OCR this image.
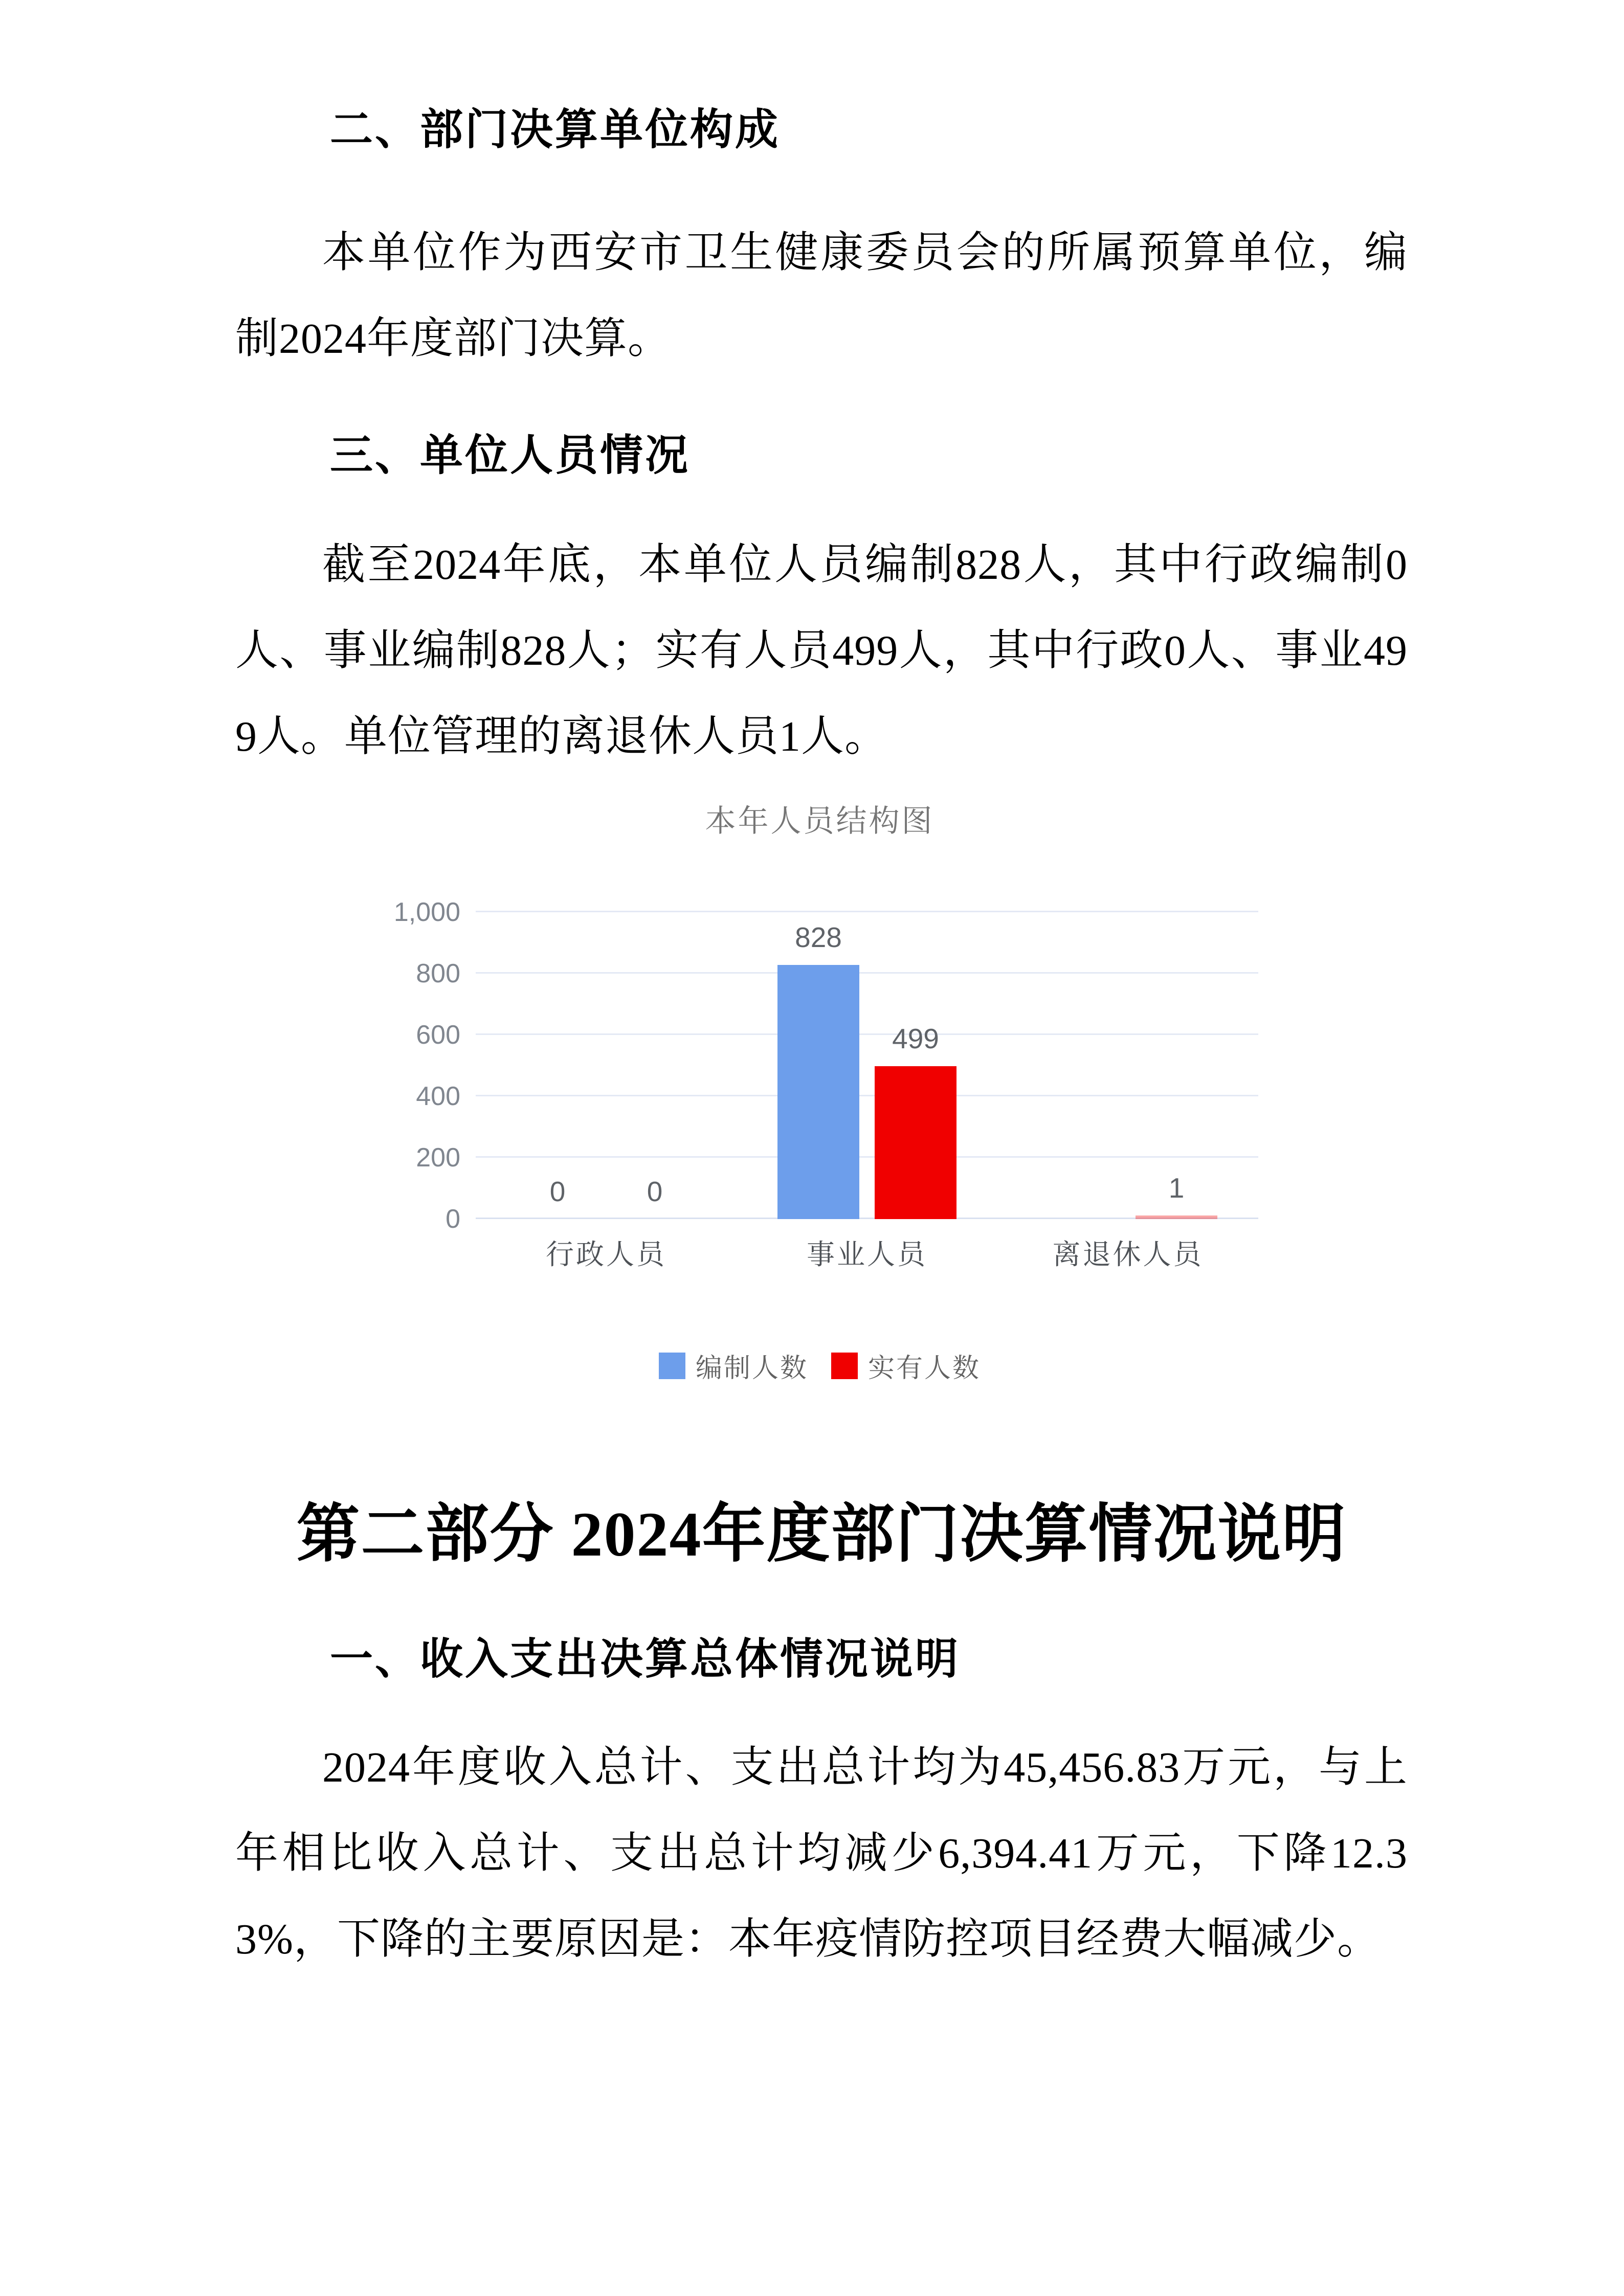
二、部门决算单位构成

本单位作为西安市卫生健康委员会的所属预算单位，编制2024年度部门决算。

三、单位人员情况

截至2024年底，本单位人员编制828人，其中行政编制0人、事业编制828人；实有人员499人，其中行政0人、事业499人。单位管理的离退休人员1人。

本年人员结构图
1,000
800
600
400
200
0
0	0
828
499
1
行政人员	事业人员	离退休人员
编制人数 实有人数
第二部分 2024年度部门决算情况说明
一、收入支出决算总体情况说明

2024年度收入总计、支出总计均为45,456.83万元，与上年相比收入总计、支出总计均减少6,394.41万元，下降12.33%，下降的主要原因是：本年疫情防控项目经费大幅减少。
